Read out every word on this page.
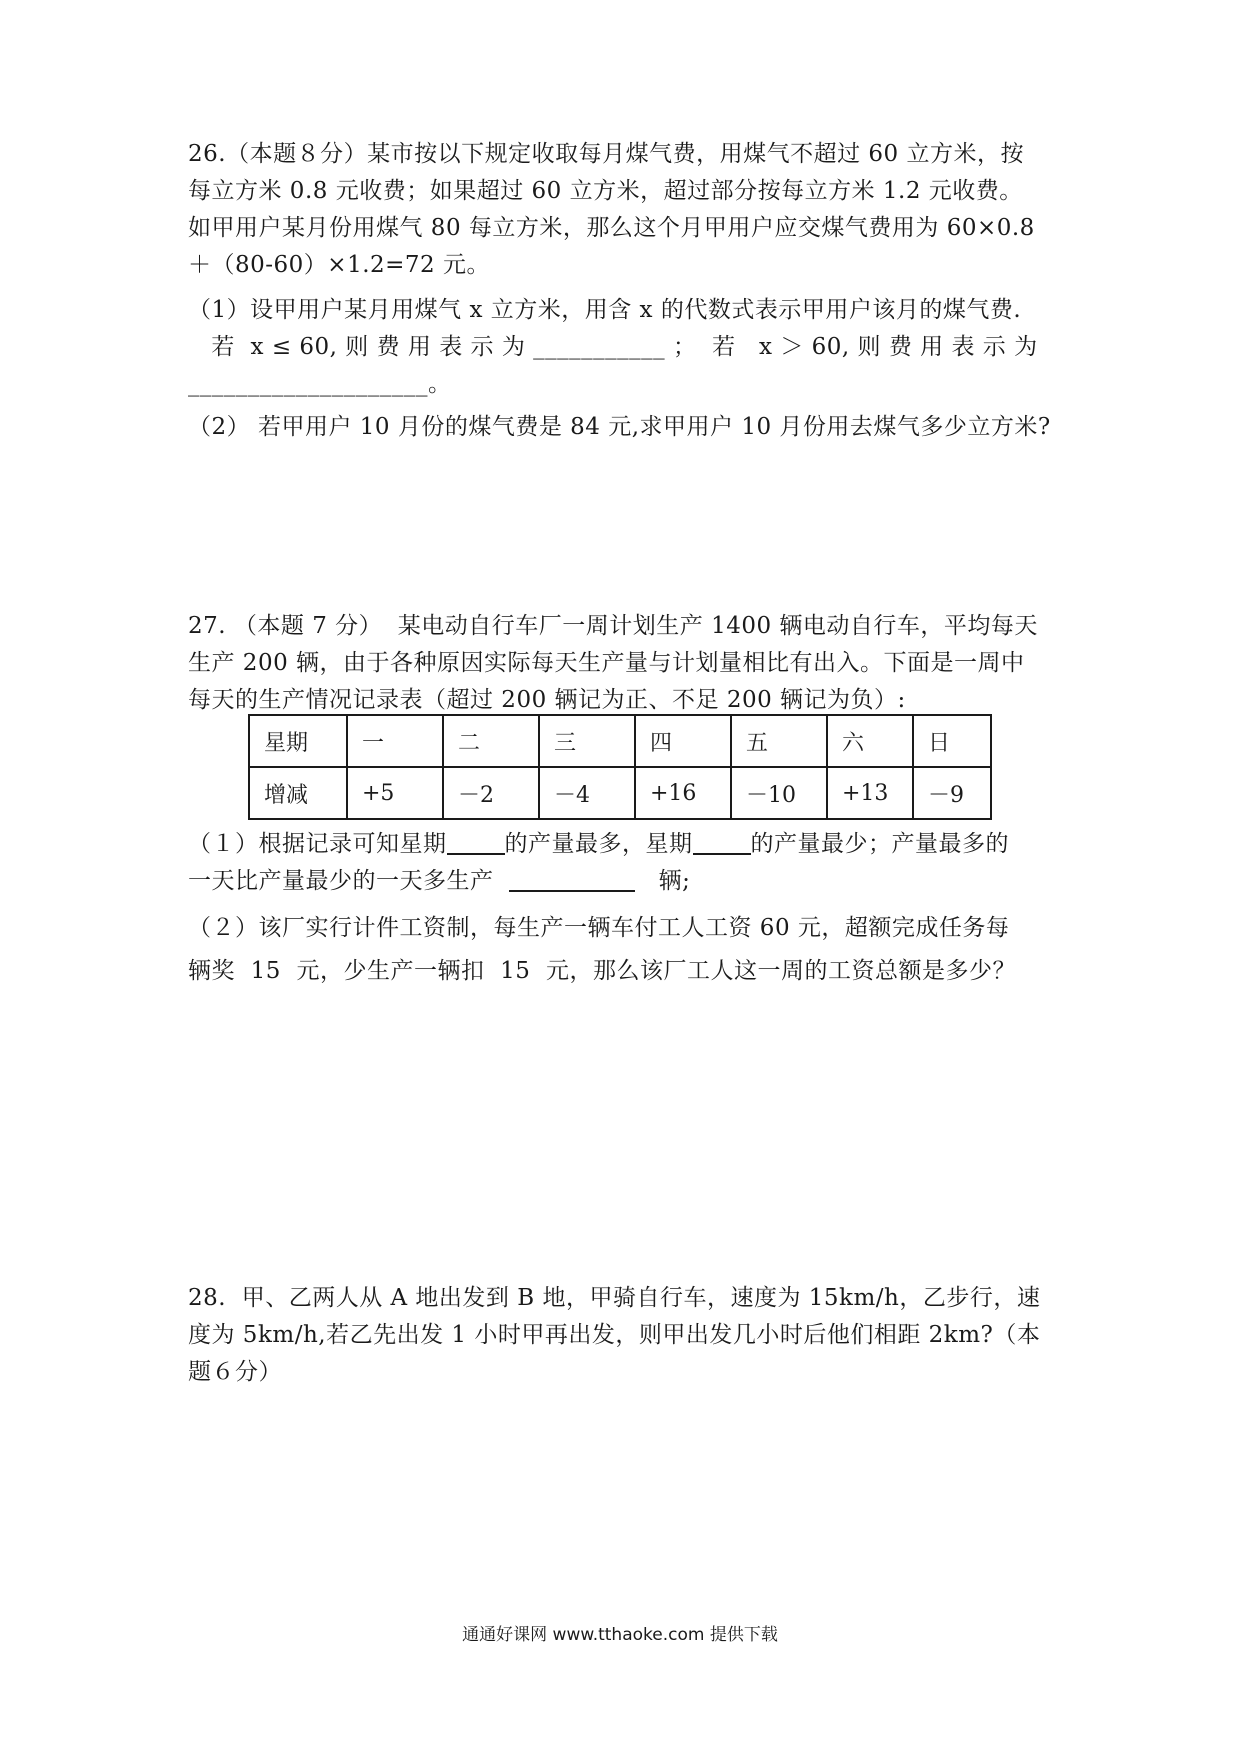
26.（本题８分）某市按以下规定收取每月煤气费，用煤气不超过 60 立方米，按
每立方米 0.8 元收费；如果超过 60 立方米，超过部分按每立方米 1.2 元收费。
如甲用户某月份用煤气 80 每立方米，那么这个月甲用户应交煤气费用为 60×0.8
＋（80-60）×1.2=72 元。
（1）设甲用户某月用煤气 x 立方米，用含 x 的代数式表示甲用户该月的煤气费.
若  x ≤ 60, 则 费 用 表 示 为 ___________ ；  若   x ＞ 60, 则 费 用 表 示 为
____________________。
（2） 若甲用户 10 月份的煤气费是 84 元,求甲用户 10 月份用去煤气多少立方米?
27. （本题 7 分）  某电动自行车厂一周计划生产 1400 辆电动自行车，平均每天
生产 200 辆，由于各种原因实际每天生产量与计划量相比有出入。下面是一周中
每天的生产情况记录表（超过 200 辆记为正、不足 200 辆记为负）:
星期	一	二	三	四	五	六	日
增减	+5	－2	－4	+16	－10	+13	－9
（１）根据记录可知星期	的产量最多，星期	的产量最少；产量最多的
一天比产量最少的一天多生产	辆;
（２）该厂实行计件工资制，每生产一辆车付工人工资 60 元，超额完成任务每
辆奖  15  元，少生产一辆扣  15  元，那么该厂工人这一周的工资总额是多少？
28.  甲、乙两人从 A 地出发到 B 地，甲骑自行车，速度为 15km/h，乙步行，速
度为 5km/h,若乙先出发 1 小时甲再出发，则甲出发几小时后他们相距 2km?（本
题６分）
通通好课网 www.tthaoke.com 提供下载
